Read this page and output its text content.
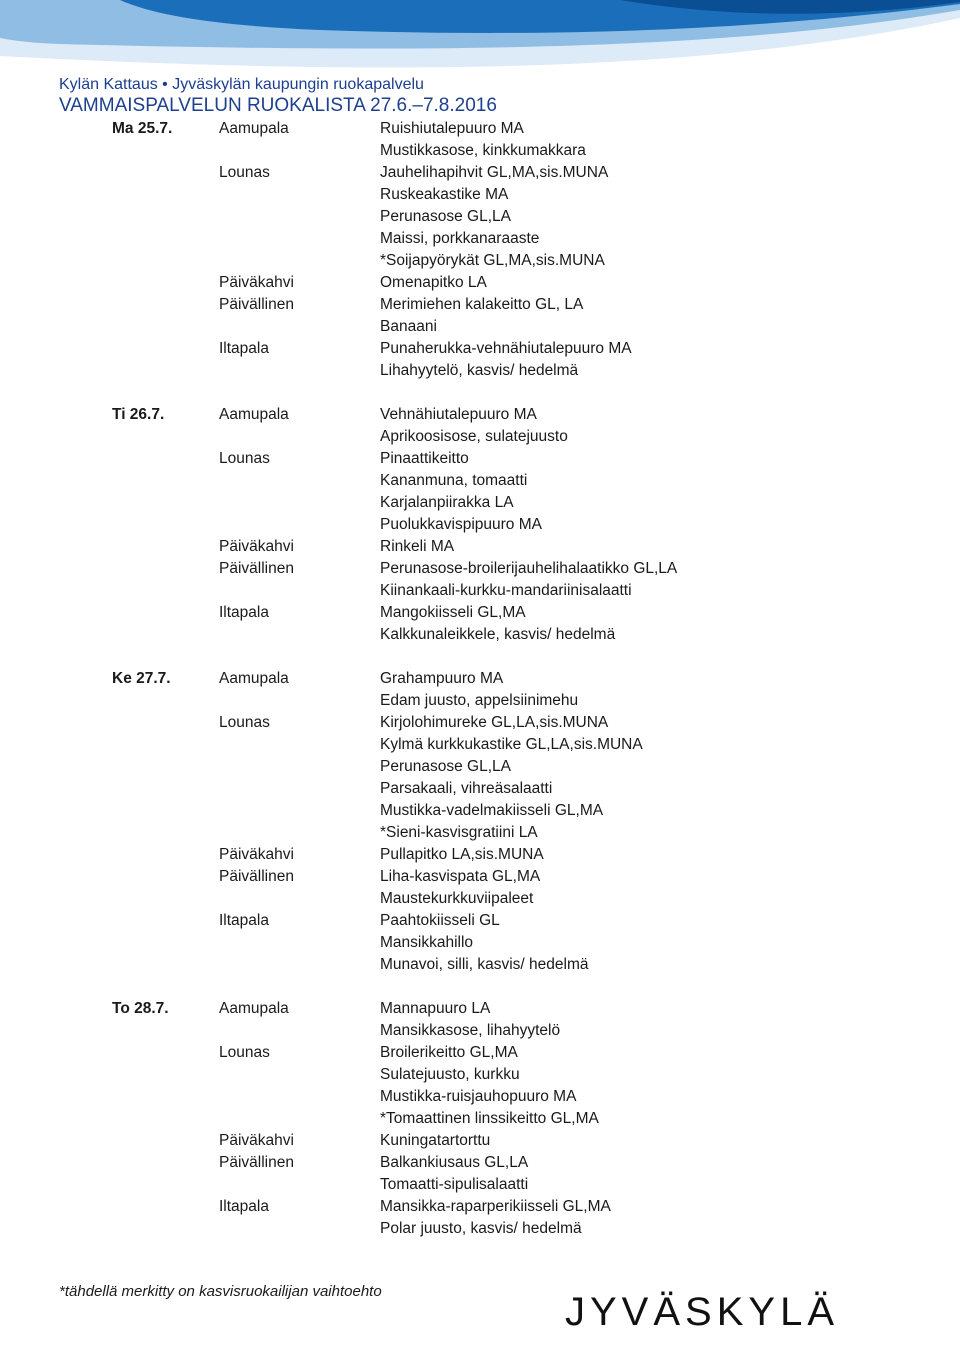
Kylän Kattaus • Jyväskylän kaupungin ruokapalvelu
VAMMAISPALVELUN RUOKALISTA 27.6.–7.8.2016
Ma 25.7.	Aamupala	Ruishiutalepuuro MA
Mustikkasose, kinkkumakkara
Lounas	Jauhelihapihvit GL,MA,sis.MUNA
Ruskeakastike MA
Perunasose GL,LA
Maissi, porkkanaraaste
*Soijapyörykät GL,MA,sis.MUNA
Päiväkahvi	Omenapitko LA
Päivällinen	Merimiehen kalakeitto GL, LA
Banaani
Iltapala	Punaherukka-vehnähiutalepuuro MA
Lihahyytelö, kasvis/ hedelmä
Ti 26.7.	Aamupala	Vehnähiutalepuuro MA
Aprikoosisose, sulatejuusto
Lounas	Pinaattikeitto
Kananmuna, tomaatti
Karjalanpiirakka LA
Puolukkavispipuuro MA
Päiväkahvi	Rinkeli MA
Päivällinen	Perunasose-broilerijauhelihalaatikko GL,LA
Kiinankaali-kurkku-mandariinisalaatti
Iltapala	Mangokiisseli GL,MA
Kalkkunaleikkele, kasvis/ hedelmä
Ke 27.7.	Aamupala	Grahampuuro MA
Edam juusto, appelsiinimehu
Lounas	Kirjolohimureke GL,LA,sis.MUNA
Kylmä kurkkukastike GL,LA,sis.MUNA
Perunasose GL,LA
Parsakaali, vihreäsalaatti
Mustikka-vadelmakiisseli GL,MA
*Sieni-kasvisgratiini LA
Päiväkahvi	Pullapitko LA,sis.MUNA
Päivällinen	Liha-kasvispata GL,MA
Maustekurkkuviipaleet
Iltapala	Paahtokiisseli GL
Mansikkahillo
Munavoi, silli, kasvis/ hedelmä
To 28.7.	Aamupala	Mannapuuro LA
Mansikkasose, lihahyytelö
Lounas	Broilerikeitto GL,MA
Sulatejuusto, kurkku
Mustikka-ruisjauhopuuro MA
*Tomaattinen linssikeitto GL,MA
Päiväkahvi	Kuningatartorttu
Päivällinen	Balkankiusaus GL,LA
Tomaatti-sipulisalaatti
Iltapala	Mansikka-raparperikiisseli GL,MA
Polar juusto, kasvis/ hedelmä
*tähdellä merkitty on kasvisruokailijan vaihtoehto	JYVÄSKYLÄ
